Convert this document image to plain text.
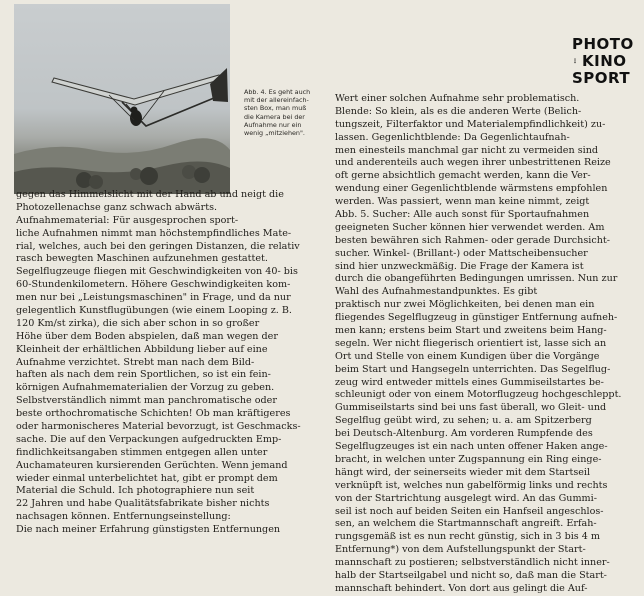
Abb. 4. Es geht auch
mit der allereinfach-
sten Box, man muß
die Kamera bei der
Aufnahme nur ein
wenig „mitziehen".
PHOTO
⋮ KINO
SPORT
gegen das Himmelslicht mit der Hand ab und neigt die
Photozellenachse ganz schwach abwärts.
Aufnahmematerial: Für ausgesprochen sport-
liche Aufnahmen nimmt man höchstempfindliches Mate-
rial, welches, auch bei den geringen Distanzen, die relativ
rasch bewegten Maschinen aufzunehmen gestattet.
Segelflugzeuge fliegen mit Geschwindigkeiten von 40- bis
60-Stundenkilometern. Höhere Geschwindigkeiten kom-
men nur bei „Leistungsmaschinen" in Frage, und da nur
gelegentlich Kunstflugübungen (wie einem Looping z. B.
120 Km/st zirka), die sich aber schon in so großer
Höhe über dem Boden abspielen, daß man wegen der
Kleinheit der erhältlichen Abbildung lieber auf eine
Aufnahme verzichtet. Strebt man nach dem Bild-
haften als nach dem rein Sportlichen, so ist ein fein-
körnigen Aufnahmematerialien der Vorzug zu geben.
Selbstverständlich nimmt man panchromatische oder
beste orthochromatische Schichten! Ob man kräftigeres
oder harmonischeres Material bevorzugt, ist Geschmacks-
sache. Die auf den Verpackungen aufgedruckten Emp-
findlichkeitsangaben stimmen entgegen allen unter
Auchamateuren kursierenden Gerüchten. Wenn jemand
wieder einmal unterbelichtet hat, gibt er prompt dem
Material die Schuld. Ich photographiere nun seit
22 Jahren und habe Qualitätsfabrikate bisher nichts
nachsagen können. Entfernungseinstellung:
Die nach meiner Erfahrung günstigsten Entfernungen
Wert einer solchen Aufnahme sehr problematisch.
Blende: So klein, als es die anderen Werte (Belich-
tungszeit, Filterfaktor und Materialempfindlichkeit) zu-
lassen. Gegenlichtblende: Da Gegenlichtaufnah-
men einesteils manchmal gar nicht zu vermeiden sind
und anderenteils auch wegen ihrer unbestrittenen Reize
oft gerne absichtlich gemacht werden, kann die Ver-
wendung einer Gegenlichtblende wärmstens empfohlen
werden. Was passiert, wenn man keine nimmt, zeigt
Abb. 5. Sucher: Alle auch sonst für Sportaufnahmen
geeigneten Sucher können hier verwendet werden. Am
besten bewähren sich Rahmen- oder gerade Durchsicht-
sucher. Winkel- (Brillant-) oder Mattscheibensucher
sind hier unzweckmäßig. Die Frage der Kamera ist
durch die obangeführten Bedingungen umrissen. Nun zur
Wahl des Aufnahmestandpunktes. Es gibt
praktisch nur zwei Möglichkeiten, bei denen man ein
fliegendes Segelflugzeug in günstiger Entfernung aufneh-
men kann; erstens beim Start und zweitens beim Hang-
segeln. Wer nicht fliegerisch orientiert ist, lasse sich an
Ort und Stelle von einem Kundigen über die Vorgänge
beim Start und Hangsegeln unterrichten. Das Segelflug-
zeug wird entweder mittels eines Gummiseilstartes be-
schleunigt oder von einem Motorflugzeug hochgeschleppt.
Gummiseilstarts sind bei uns fast überall, wo Gleit- und
Segelflug geübt wird, zu sehen; u. a. am Spitzerberg
bei Deutsch-Altenburg. Am vorderen Rumpfende des
Segelflugzeuges ist ein nach unten offener Haken ange-
bracht, in welchen unter Zugspannung ein Ring einge-
hängt wird, der seinerseits wieder mit dem Startseil
verknüpft ist, welches nun gabelförmig links und rechts
von der Startrichtung ausgelegt wird. An das Gummi-
seil ist noch auf beiden Seiten ein Hanfseil angeschlos-
sen, an welchem die Startmannschaft angreift. Erfah-
rungsgemäß ist es nun recht günstig, sich in 3 bis 4 m
Entfernung*) von dem Aufstellungspunkt der Start-
mannschaft zu postieren; selbstverständlich nicht inner-
halb der Startseilgabel und nicht so, daß man die Start-
mannschaft behindert. Von dort aus gelingt die Auf-
